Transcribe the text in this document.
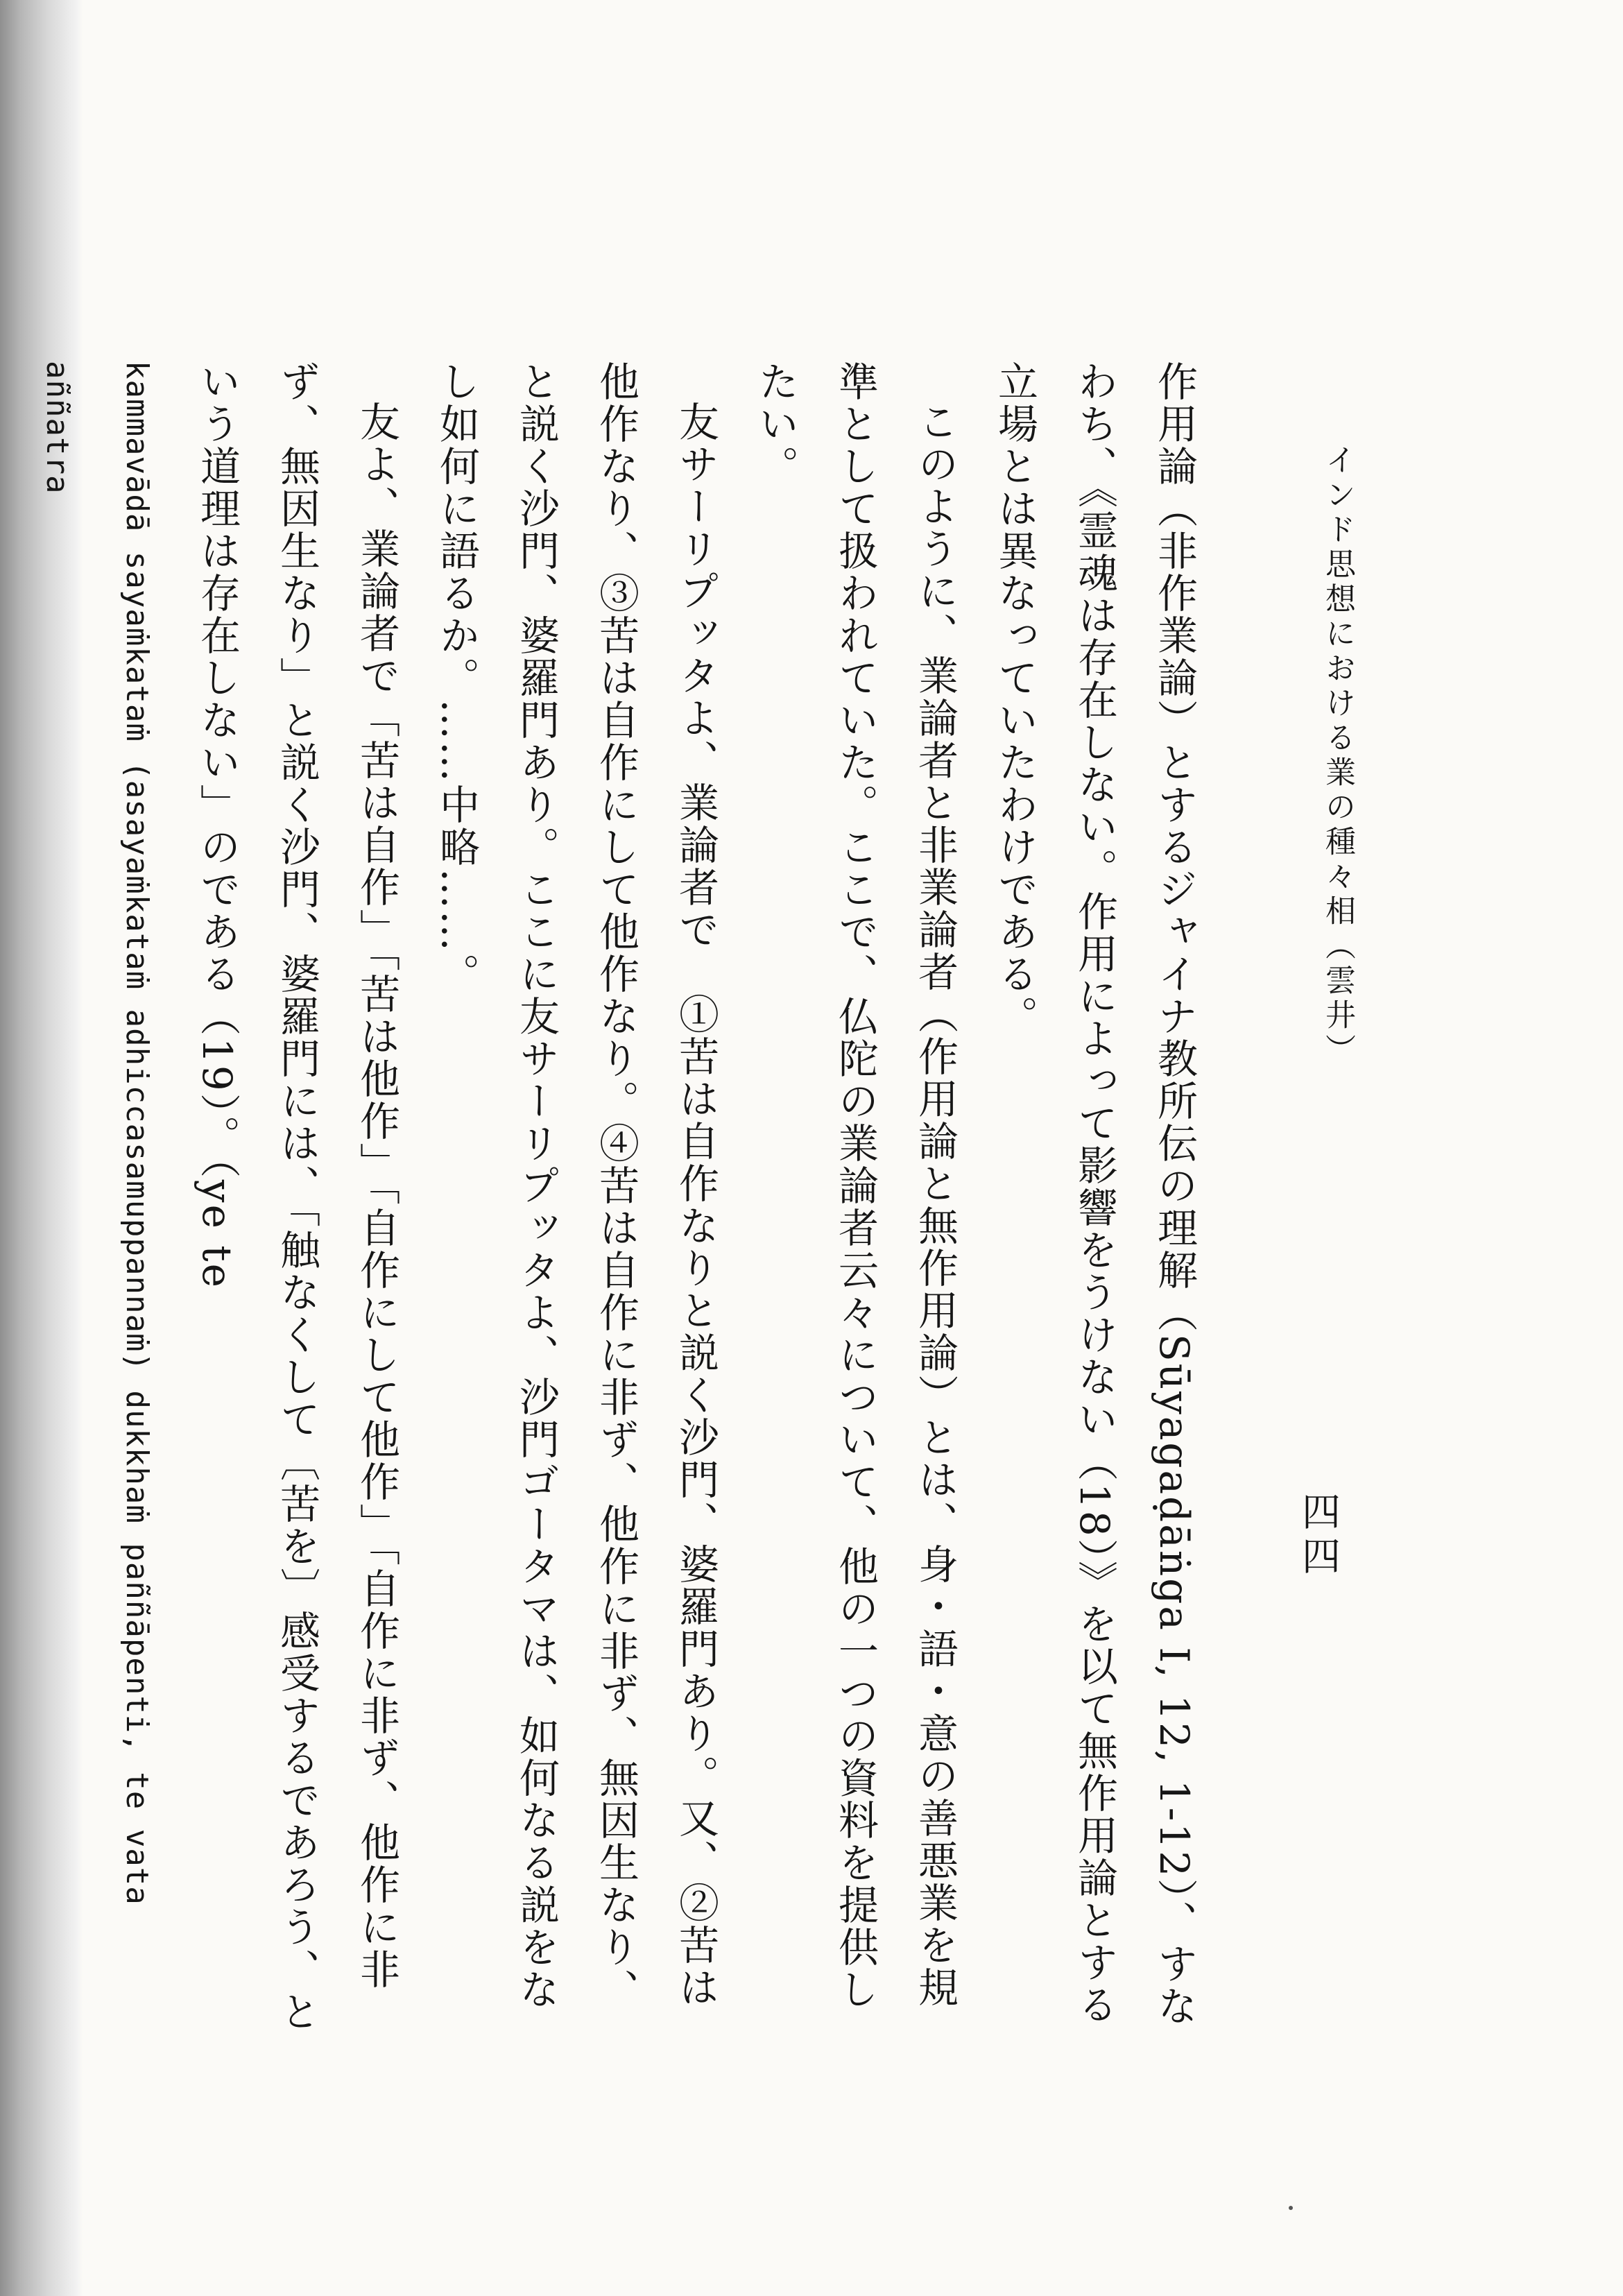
インド思想における業の種々相（雲井）
四四

作用論（非作業論）とするジャイナ教所伝の理解（Sūyagaḍāṅga I, 12, 1-12）、すなわち、《霊魂は存在しない。作用によって影響をうけない（18）》を以て無作用論とする立場とは異なっていたわけである。

このように、業論者と非業論者（作用論と無作用論）とは、身・語・意の善悪業を規準として扱われていた。ここで、仏陀の業論者云々について、他の一つの資料を提供したい。

友サーリプッタよ、業論者で　①苦は自作なりと説く沙門、婆羅門あり。又、②苦は他作なり、③苦は自作にして他作なり。④苦は自作に非ず、他作に非ず、無因生なり、と説く沙門、婆羅門あり。ここに友サーリプッタよ、沙門ゴータマは、如何なる説をなし如何に語るか。……中略……。

友よ、業論者で「苦は自作」「苦は他作」「自作にして他作」「自作に非ず、他作に非ず、無因生なり」と説く沙門、婆羅門には、「触なくして〔苦を〕感受するであろう、という道理は存在しない」のである（19）。（ye te

kammavādā sayaṁkataṁ (asayaṁkataṁ adhiccasamuppannaṁ) dukkhaṁ paññāpenti, te vata aññatra
